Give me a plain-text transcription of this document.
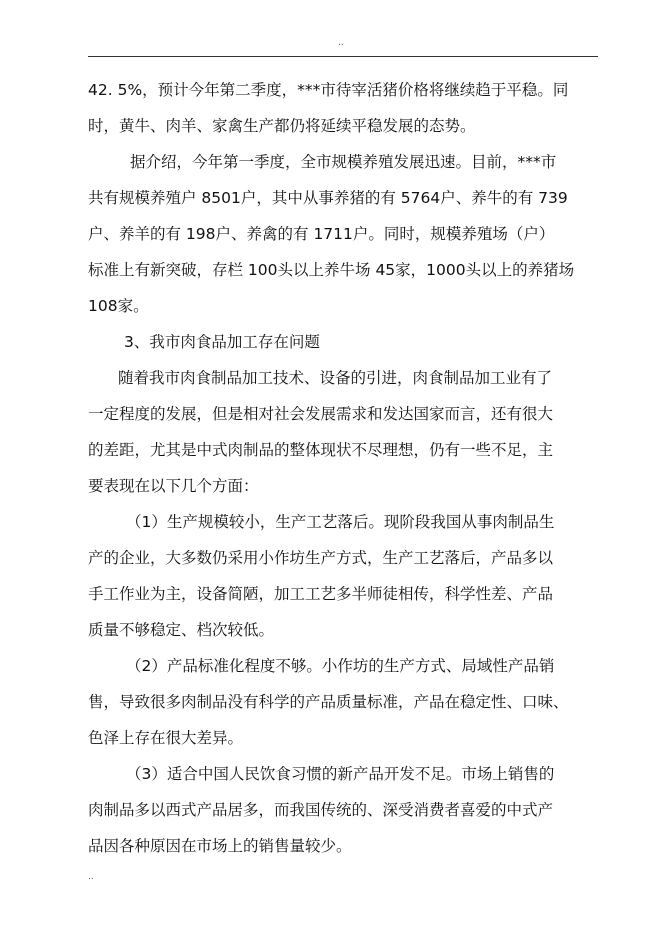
..
42. 5%，预计今年第二季度，***市待宰活猪价格将继续趋于平稳。同
时，黄牛、肉羊、家禽生产都仍将延续平稳发展的态势。
据介绍，今年第一季度，全市规模养殖发展迅速。目前，***市
共有规模养殖户 8501户，其中从事养猪的有 5764户、养牛的有 739
户、养羊的有 198户、养禽的有 1711户。同时，规模养殖场（户）
标准上有新突破，存栏 100头以上养牛场 45家，1000头以上的养猪场
108家。
3、我市肉食品加工存在问题
随着我市肉食制品加工技术、设备的引进，肉食制品加工业有了
一定程度的发展，但是相对社会发展需求和发达国家而言，还有很大
的差距，尤其是中式肉制品的整体现状不尽理想，仍有一些不足，主
要表现在以下几个方面：
（1）生产规模较小，生产工艺落后。现阶段我国从事肉制品生
产的企业，大多数仍采用小作坊生产方式，生产工艺落后，产品多以
手工作业为主，设备简陋，加工工艺多半师徒相传，科学性差、产品
质量不够稳定、档次较低。
（2）产品标准化程度不够。小作坊的生产方式、局域性产品销
售，导致很多肉制品没有科学的产品质量标准，产品在稳定性、口味、
色泽上存在很大差异。
（3）适合中国人民饮食习惯的新产品开发不足。市场上销售的
肉制品多以西式产品居多，而我国传统的、深受消费者喜爱的中式产
品因各种原因在市场上的销售量较少。
..
